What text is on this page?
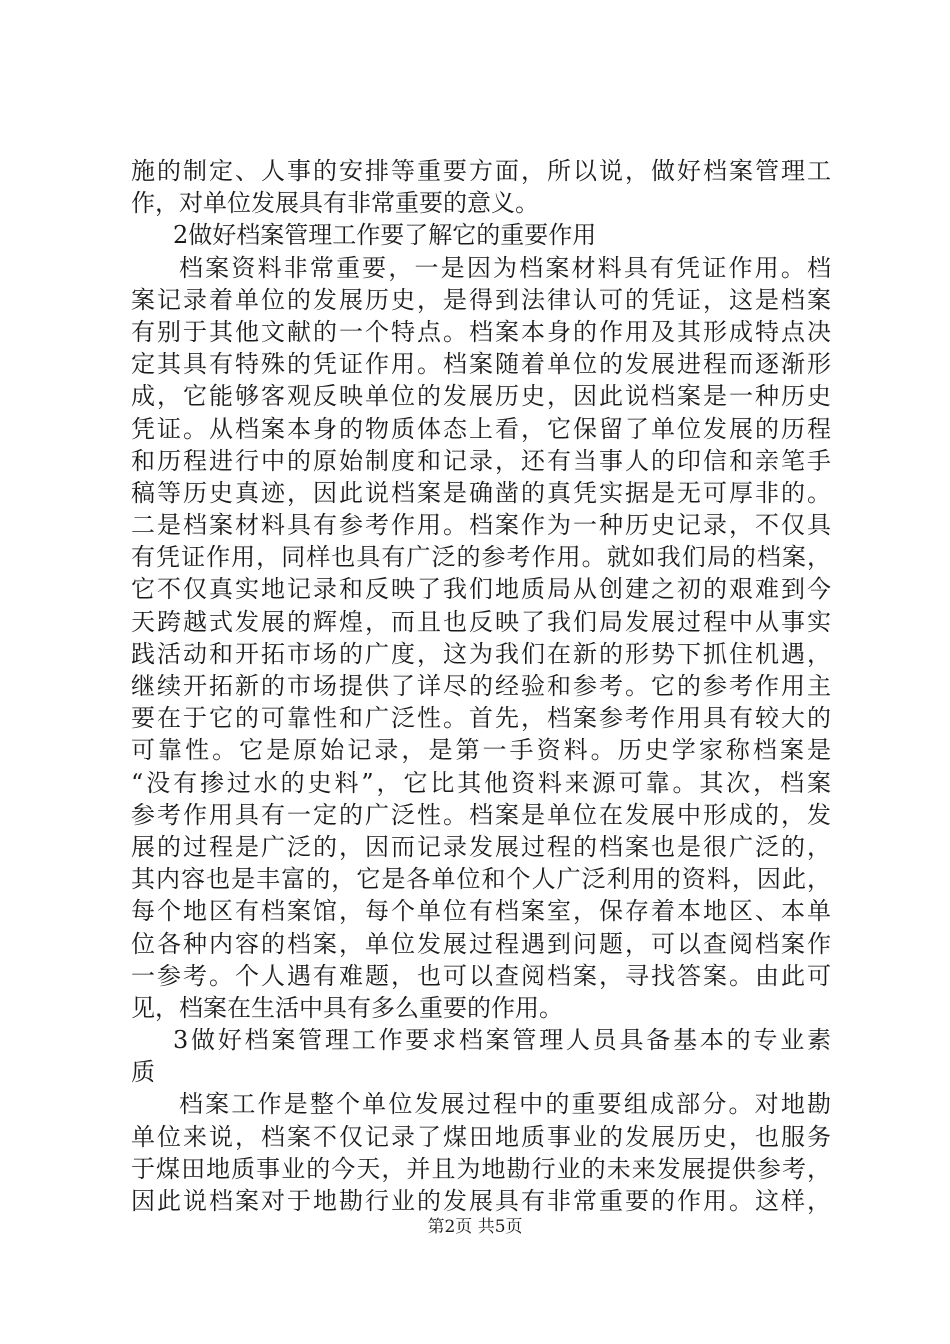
施的制定、人事的安排等重要方面，所以说，做好档案管理工
作，对单位发展具有非常重要的意义。
2做好档案管理工作要了解它的重要作用
档案资料非常重要，一是因为档案材料具有凭证作用。档
案记录着单位的发展历史，是得到法律认可的凭证，这是档案
有别于其他文献的一个特点。档案本身的作用及其形成特点决
定其具有特殊的凭证作用。档案随着单位的发展进程而逐渐形
成，它能够客观反映单位的发展历史，因此说档案是一种历史
凭证。从档案本身的物质体态上看，它保留了单位发展的历程
和历程进行中的原始制度和记录，还有当事人的印信和亲笔手
稿等历史真迹，因此说档案是确凿的真凭实据是无可厚非的。
二是档案材料具有参考作用。档案作为一种历史记录，不仅具
有凭证作用，同样也具有广泛的参考作用。就如我们局的档案，
它不仅真实地记录和反映了我们地质局从创建之初的艰难到今
天跨越式发展的辉煌，而且也反映了我们局发展过程中从事实
践活动和开拓市场的广度，这为我们在新的形势下抓住机遇，
继续开拓新的市场提供了详尽的经验和参考。它的参考作用主
要在于它的可靠性和广泛性。首先，档案参考作用具有较大的
可靠性。它是原始记录，是第一手资料。历史学家称档案是
“没有掺过水的史料”，它比其他资料来源可靠。其次，档案
参考作用具有一定的广泛性。档案是单位在发展中形成的，发
展的过程是广泛的，因而记录发展过程的档案也是很广泛的，
其内容也是丰富的，它是各单位和个人广泛利用的资料，因此，
每个地区有档案馆，每个单位有档案室，保存着本地区、本单
位各种内容的档案，单位发展过程遇到问题，可以查阅档案作
一参考。个人遇有难题，也可以查阅档案，寻找答案。由此可
见，档案在生活中具有多么重要的作用。
3做好档案管理工作要求档案管理人员具备基本的专业素
质
档案工作是整个单位发展过程中的重要组成部分。对地勘
单位来说，档案不仅记录了煤田地质事业的发展历史，也服务
于煤田地质事业的今天，并且为地勘行业的未来发展提供参考，
因此说档案对于地勘行业的发展具有非常重要的作用。这样，
第2页 共5页
